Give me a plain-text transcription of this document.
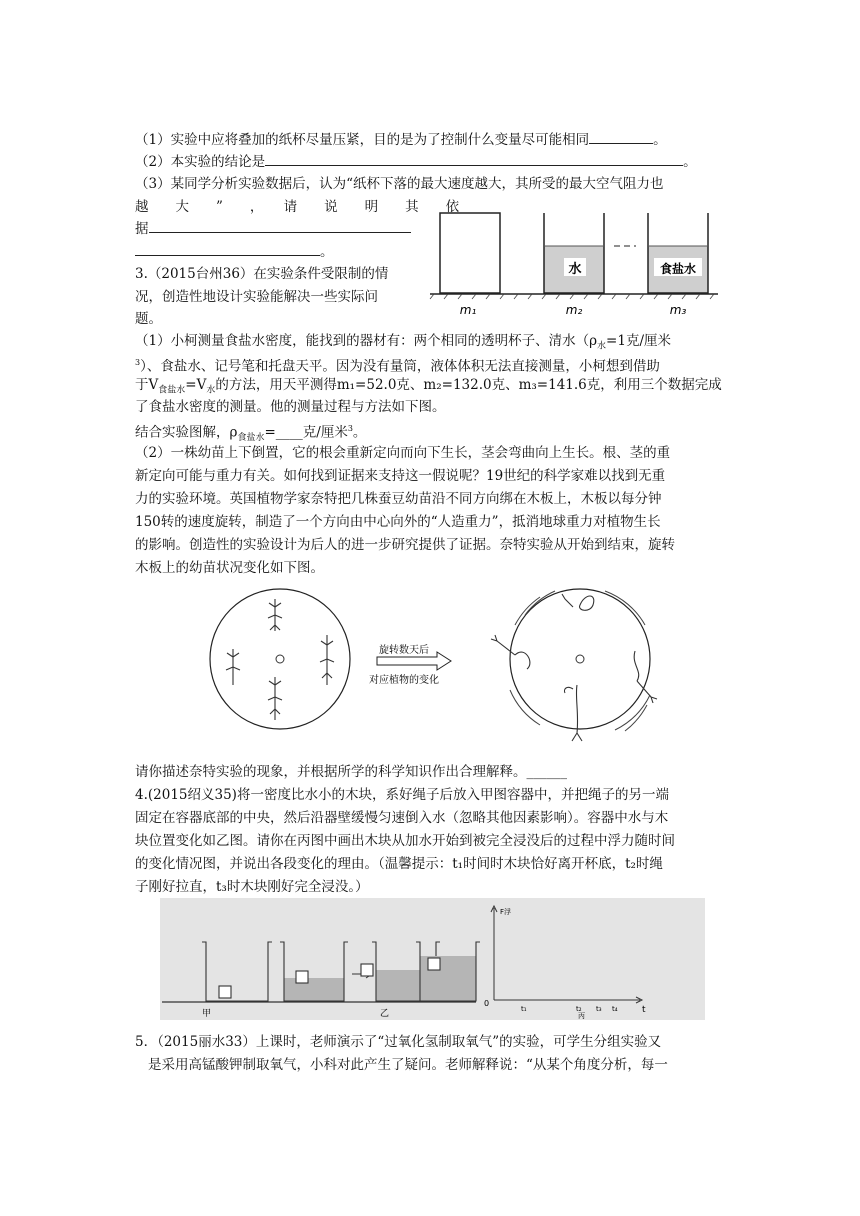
（1）实验中应将叠加的纸杯尽量压紧，目的是为了控制什么变量尽可能相同	。
（2）本实验的结论是	。
（3）某同学分析实验数据后，认为“纸杯下落的最大速度越大，其所受的最大空气阻力也
越　　大　　”　　，　　请　　说　　明　　其　　依
据
。
3.（2015台州36）在实验条件受限制的情
况，创造性地设计实验能解决一些实际问
题。
水	食盐水
m₁	m₂	m₃
（1）小柯测量食盐水密度，能找到的器材有：两个相同的透明杯子、清水（$\rho_水=1$克/厘米
$^3$）、食盐水、记号笔和托盘天平。因为没有量筒，液体体积无法直接测量，小柯想到借助
于$V_{食盐水}=V_水$的方法，用天平测得m₁=52.0克、m₂=132.0克、m₃=141.6克，利用三个数据完成
了食盐水密度的测量。他的测量过程与方法如下图。
结合实验图解，$\rho_{食盐水}=\_\_\_\_$克/厘米$^3$。
（2）一株幼苗上下倒置，它的根会重新定向而向下生长，茎会弯曲向上生长。根、茎的重
新定向可能与重力有关。如何找到证据来支持这一假说呢？19世纪的科学家难以找到无重
力的实验环境。英国植物学家奈特把几株蚕豆幼苗沿不同方向绑在木板上，木板以每分钟
150转的速度旋转，制造了一个方向由中心向外的“人造重力”，抵消地球重力对植物生长
的影响。创造性的实验设计为后人的进一步研究提供了证据。奈特实验从开始到结束，旋转
木板上的幼苗状况变化如下图。
旋转数天后
对应植物的变化
请你描述奈特实验的现象，并根据所学的科学知识作出合理解释。______
4.(2015绍义35)将一密度比水小的木块，系好绳子后放入甲图容器中，并把绳子的另一端
固定在容器底部的中央，然后沿器壁缓慢匀速倒入水（忽略其他因素影响）。容器中水与木
块位置变化如乙图。请你在丙图中画出木块从加水开始到被完全浸没后的过程中浮力随时间
的变化情况图，并说出各段变化的理由。（温馨提示：t₁时间时木块恰好离开杯底，t₂时绳
子刚好拉直，t₃时木块刚好完全浸没。）
甲	乙
F浮
t
0
t₁	t₂ t₃ t₄
丙
5．（2015丽水33）上课时，老师演示了“过氧化氢制取氧气”的实验，可学生分组实验又
是采用高锰酸钾制取氧气，小科对此产生了疑问。老师解释说：“从某个角度分析，每一
